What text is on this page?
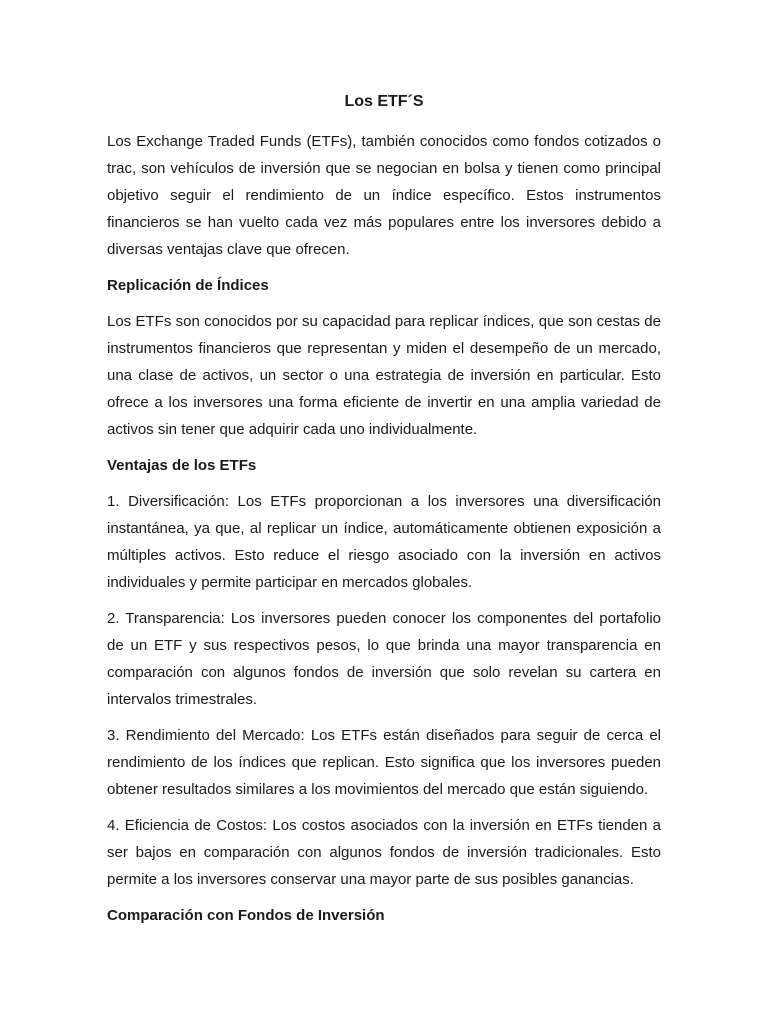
Los ETF´S

Los Exchange Traded Funds (ETFs), también conocidos como fondos cotizados o trac, son vehículos de inversión que se negocian en bolsa y tienen como principal objetivo seguir el rendimiento de un índice específico. Estos instrumentos financieros se han vuelto cada vez más populares entre los inversores debido a diversas ventajas clave que ofrecen.

Replicación de Índices

Los ETFs son conocidos por su capacidad para replicar índices, que son cestas de instrumentos financieros que representan y miden el desempeño de un mercado, una clase de activos, un sector o una estrategia de inversión en particular. Esto ofrece a los inversores una forma eficiente de invertir en una amplia variedad de activos sin tener que adquirir cada uno individualmente.

Ventajas de los ETFs

1. Diversificación: Los ETFs proporcionan a los inversores una diversificación instantánea, ya que, al replicar un índice, automáticamente obtienen exposición a múltiples activos. Esto reduce el riesgo asociado con la inversión en activos individuales y permite participar en mercados globales.

2. Transparencia: Los inversores pueden conocer los componentes del portafolio de un ETF y sus respectivos pesos, lo que brinda una mayor transparencia en comparación con algunos fondos de inversión que solo revelan su cartera en intervalos trimestrales.

3. Rendimiento del Mercado: Los ETFs están diseñados para seguir de cerca el rendimiento de los índices que replican. Esto significa que los inversores pueden obtener resultados similares a los movimientos del mercado que están siguiendo.

4. Eficiencia de Costos: Los costos asociados con la inversión en ETFs tienden a ser bajos en comparación con algunos fondos de inversión tradicionales. Esto permite a los inversores conservar una mayor parte de sus posibles ganancias.

Comparación con Fondos de Inversión
